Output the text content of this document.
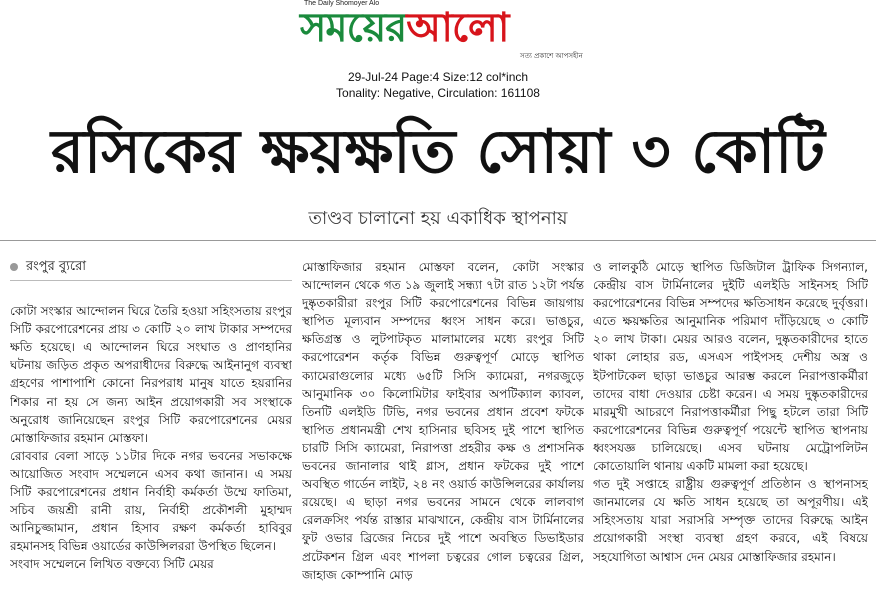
The Daily Shomoyer Alo
সময়েরআলো
সত্য প্রকাশে আপসহীন
29-Jul-24 Page:4 Size:12 col*inch
Tonality: Negative, Circulation: 161108
রসিকের ক্ষয়ক্ষতি সোয়া ৩ কোটি
তাণ্ডব চালানো হয় একাধিক স্থাপনায়
রংপুর ব্যুরো

কোটা সংস্কার আন্দোলন ঘিরে তৈরি হওয়া সহিংসতায় রংপুর সিটি করপোরেশনের প্রায় ৩ কোটি ২০ লাখ টাকার সম্পদের ক্ষতি হয়েছে। এ আন্দোলন ঘিরে সংঘাত ও প্রাণহানির ঘটনায় জড়িত প্রকৃত অপরাধীদের বিরুদ্ধে আইনানুগ ব্যবস্থা গ্রহণের পাশাপাশি কোনো নিরপরাধ মানুষ যাতে হয়রানির শিকার না হয় সে জন্য আইন প্রয়োগকারী সব সংস্থাকে অনুরোধ জানিয়েছেন রংপুর সিটি করপোরেশনের মেয়র মোস্তাফিজার রহমান মোস্তফা।

রোববার বেলা সাড়ে ১১টার দিকে নগর ভবনের সভাকক্ষে আয়োজিত সংবাদ সম্মেলনে এসব কথা জানান। এ সময় সিটি করপোরেশনের প্রধান নির্বাহী কর্মকর্তা উম্মে ফাতিমা, সচিব জয়শ্রী রানী রায়, নির্বাহী প্রকৌশলী মুহাম্মদ আনিচুজ্জামান, প্রধান হিসাব রক্ষণ কর্মকর্তা হাবিবুর রহমানসহ বিভিন্ন ওয়ার্ডের কাউন্সিলররা উপস্থিত ছিলেন।

সংবাদ সম্মেলনে লিখিত বক্তব্যে সিটি মেয়র

মোস্তাফিজার রহমান মোস্তফা বলেন, কোটা সংস্কার আন্দোলন থেকে গত ১৯ জুলাই সন্ধ্যা ৭টা রাত ১২টা পর্যন্ত দুষ্কৃতকারীরা রংপুর সিটি করপোরেশনের বিভিন্ন জায়গায় স্থাপিত মূল্যবান সম্পদের ধ্বংস সাধন করে। ভাঙচুর, ক্ষতিগ্রস্ত ও লুটপাটকৃত মালামালের মধ্যে রংপুর সিটি করপোরেশন কর্তৃক বিভিন্ন গুরুত্বপূর্ণ মোড়ে স্থাপিত ক্যামেরাগুলোর মধ্যে ৬৫টি সিসি ক্যামেরা, নগরজুড়ে আনুমানিক ৩০ কিলোমিটার ফাইবার অপটিক্যাল ক্যাবল, তিনটি এলইডি টিভি, নগর ভবনের প্রধান প্রবেশ ফটকে স্থাপিত প্রধানমন্ত্রী শেখ হাসিনার ছবিসহ দুই পাশে স্থাপিত চারটি সিসি ক্যামেরা, নিরাপত্তা প্রহরীর কক্ষ ও প্রশাসনিক ভবনের জানালার থাই গ্লাস, প্রধান ফটকের দুই পাশে অবস্থিত গার্ডেন লাইট, ২৪ নং ওয়ার্ড কাউন্সিলরের কার্যালয় রয়েছে। এ ছাড়া নগর ভবনের সামনে থেকে লালবাগ রেলক্রসিং পর্যন্ত রাস্তার মাঝখানে, কেন্দ্রীয় বাস টার্মিনালের ফুট ওভার ব্রিজের নিচের দুই পাশে অবস্থিত ডিভাইডার প্রটেকশন গ্রিল এবং শাপলা চত্বরের গোল চত্বরের গ্রিল, জাহাজ কোম্পানি মোড়

ও লালকুঠি মোড়ে স্থাপিত ডিজিটাল ট্রাফিক সিগন্যাল, কেন্দ্রীয় বাস টার্মিনালের দুইটি এলইডি সাইনসহ সিটি করপোরেশনের বিভিন্ন সম্পদের ক্ষতিসাধন করেছে দুর্বৃত্তরা। এতে ক্ষয়ক্ষতির আনুমানিক পরিমাণ দাঁড়িয়েছে ৩ কোটি ২০ লাখ টাকা। মেয়র আরও বলেন, দুষ্কৃতকারীদের হাতে থাকা লোহার রড, এসএস পাইপসহ দেশীয় অস্ত্র ও ইটপাটকেল ছাড়া ভাঙচুর আরম্ভ করলে নিরাপত্তাকর্মীরা তাদের বাধা দেওয়ার চেষ্টা করেন। এ সময় দুষ্কৃতকারীদের মারমুখী আচরণে নিরাপত্তাকর্মীরা পিছু হটলে তারা সিটি করপোরেশনের বিভিন্ন গুরুত্বপূর্ণ পয়েন্টে স্থাপিত স্থাপনায় ধ্বংসযজ্ঞ চালিয়েছে। এসব ঘটনায় মেট্রোপলিটন কোতোয়ালি থানায় একটি মামলা করা হয়েছে।

গত দুই সপ্তাহে রাষ্ট্রীয় গুরুত্বপূর্ণ প্রতিষ্ঠান ও স্থাপনাসহ জানমালের যে ক্ষতি সাধন হয়েছে তা অপূরণীয়। এই সহিংসতায় যারা সরাসরি সম্পৃক্ত তাদের বিরুদ্ধে আইন প্রয়োগকারী সংস্থা ব্যবস্থা গ্রহণ করবে, এই বিষয়ে সহযোগিতা আশ্বাস দেন মেয়র মোস্তাফিজার রহমান।
